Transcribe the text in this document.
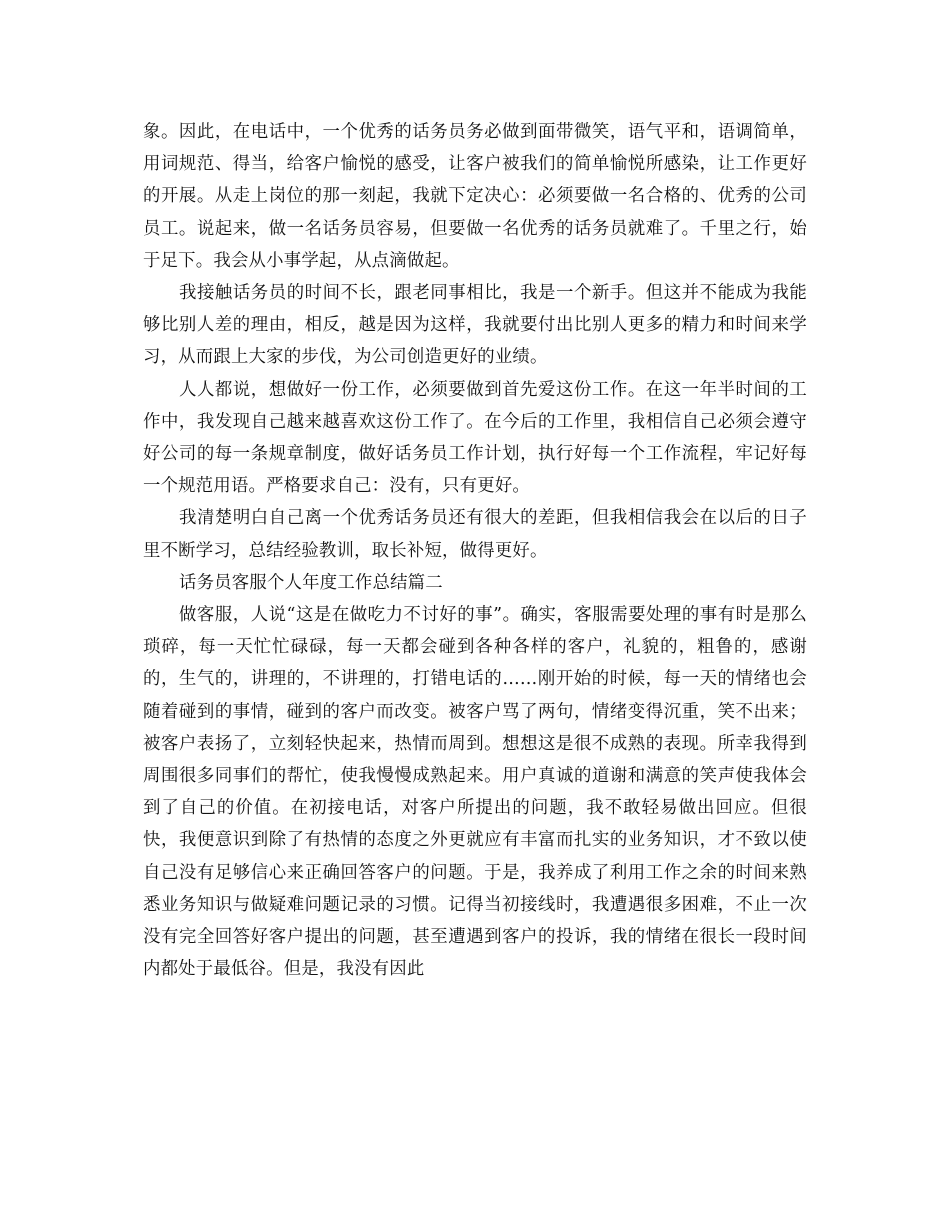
象。因此，在电话中，一个优秀的话务员务必做到面带微笑，语气平和，语调简单，用词规范、得当，给客户愉悦的感受，让客户被我们的简单愉悦所感染，让工作更好的开展。从走上岗位的那一刻起，我就下定决心：必须要做一名合格的、优秀的公司员工。说起来，做一名话务员容易，但要做一名优秀的话务员就难了。千里之行，始于足下。我会从小事学起，从点滴做起。

我接触话务员的时间不长，跟老同事相比，我是一个新手。但这并不能成为我能够比别人差的理由，相反，越是因为这样，我就要付出比别人更多的精力和时间来学习，从而跟上大家的步伐，为公司创造更好的业绩。

人人都说，想做好一份工作，必须要做到首先爱这份工作。在这一年半时间的工作中，我发现自己越来越喜欢这份工作了。在今后的工作里，我相信自己必须会遵守好公司的每一条规章制度，做好话务员工作计划，执行好每一个工作流程，牢记好每一个规范用语。严格要求自己：没有，只有更好。

我清楚明白自己离一个优秀话务员还有很大的差距，但我相信我会在以后的日子里不断学习，总结经验教训，取长补短，做得更好。

话务员客服个人年度工作总结篇二

做客服，人说“这是在做吃力不讨好的事”。确实，客服需要处理的事有时是那么琐碎，每一天忙忙碌碌，每一天都会碰到各种各样的客户，礼貌的，粗鲁的，感谢的，生气的，讲理的，不讲理的，打错电话的……刚开始的时候，每一天的情绪也会随着碰到的事情，碰到的客户而改变。被客户骂了两句，情绪变得沉重，笑不出来；被客户表扬了，立刻轻快起来，热情而周到。想想这是很不成熟的表现。所幸我得到周围很多同事们的帮忙，使我慢慢成熟起来。用户真诚的道谢和满意的笑声使我体会到了自己的价值。在初接电话，对客户所提出的问题，我不敢轻易做出回应。但很快，我便意识到除了有热情的态度之外更就应有丰富而扎实的业务知识，才不致以使自己没有足够信心来正确回答客户的问题。于是，我养成了利用工作之余的时间来熟悉业务知识与做疑难问题记录的习惯。记得当初接线时，我遭遇很多困难，不止一次没有完全回答好客户提出的问题，甚至遭遇到客户的投诉，我的情绪在很长一段时间内都处于最低谷。但是，我没有因此
